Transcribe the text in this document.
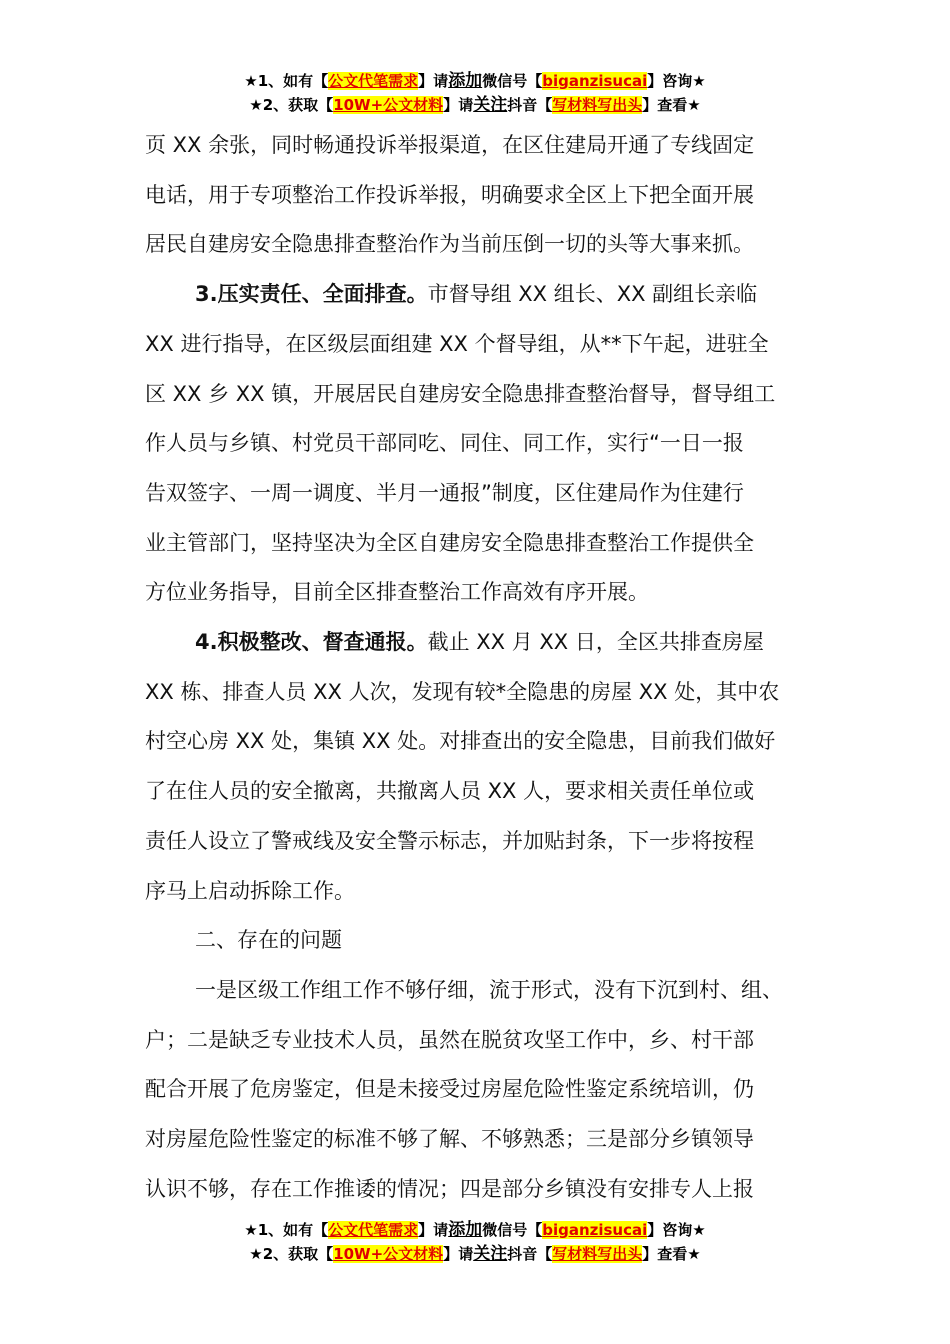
★1、如有【公文代笔需求】请添加微信号【biganzisucai】咨询★
★2、获取【10W+公文材料】请关注抖音【写材料写出头】查看★
页 XX 余张，同时畅通投诉举报渠道，在区住建局开通了专线固定
电话，用于专项整治工作投诉举报，明确要求全区上下把全面开展
居民自建房安全隐患排查整治作为当前压倒一切的头等大事来抓。
3.压实责任、全面排查。市督导组 XX 组长、XX 副组长亲临
XX 进行指导，在区级层面组建 XX 个督导组，从**下午起，进驻全
区 XX 乡 XX 镇，开展居民自建房安全隐患排查整治督导，督导组工
作人员与乡镇、村党员干部同吃、同住、同工作，实行“一日一报
告双签字、一周一调度、半月一通报”制度，区住建局作为住建行
业主管部门，坚持坚决为全区自建房安全隐患排查整治工作提供全
方位业务指导，目前全区排查整治工作高效有序开展。
4.积极整改、督查通报。截止 XX 月 XX 日，全区共排查房屋
XX 栋、排查人员 XX 人次，发现有较*全隐患的房屋 XX 处，其中农
村空心房 XX 处，集镇 XX 处。对排查出的安全隐患，目前我们做好
了在住人员的安全撤离，共撤离人员 XX 人，要求相关责任单位或
责任人设立了警戒线及安全警示标志，并加贴封条，下一步将按程
序马上启动拆除工作。
二、存在的问题
一是区级工作组工作不够仔细，流于形式，没有下沉到村、组、
户；二是缺乏专业技术人员，虽然在脱贫攻坚工作中，乡、村干部
配合开展了危房鉴定，但是未接受过房屋危险性鉴定系统培训，仍
对房屋危险性鉴定的标准不够了解、不够熟悉；三是部分乡镇领导
认识不够，存在工作推诿的情况；四是部分乡镇没有安排专人上报
★1、如有【公文代笔需求】请添加微信号【biganzisucai】咨询★
★2、获取【10W+公文材料】请关注抖音【写材料写出头】查看★
